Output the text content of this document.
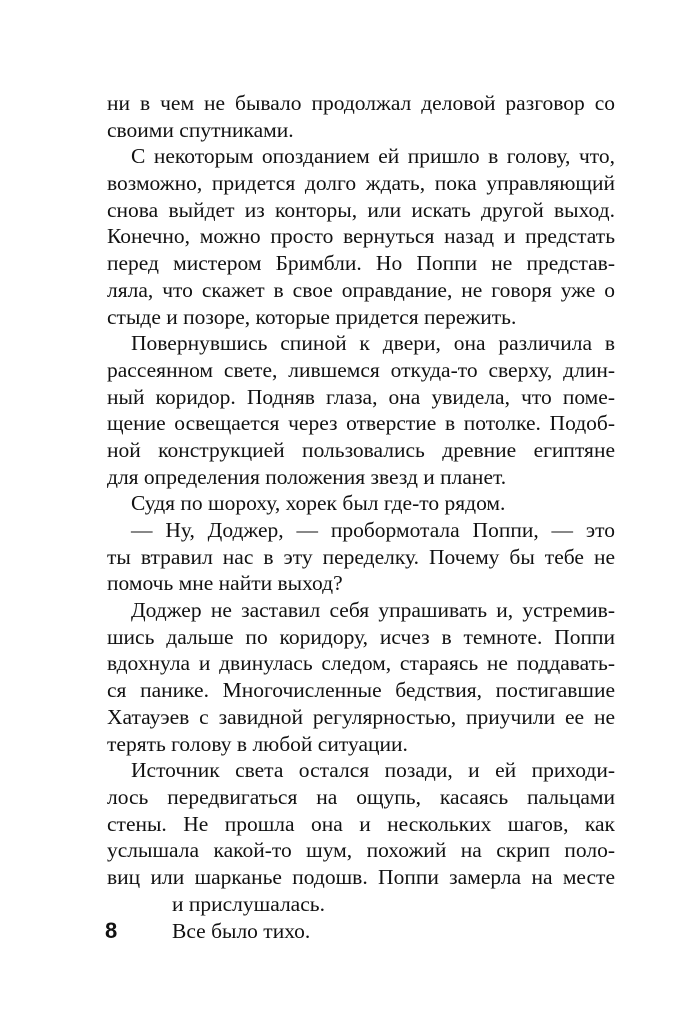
ни в чем не бывало продолжал деловой разговор со
своими спутниками.
С некоторым опозданием ей пришло в голову, что,
возможно, придется долго ждать, пока управляющий
снова выйдет из конторы, или искать другой выход.
Конечно, можно просто вернуться назад и предстать
перед мистером Бримбли. Но Поппи не представ-
ляла, что скажет в свое оправдание, не говоря уже о
стыде и позоре, которые придется пережить.
Повернувшись спиной к двери, она различила в
рассеянном свете, лившемся откуда-то сверху, длин-
ный коридор. Подняв глаза, она увидела, что поме-
щение освещается через отверстие в потолке. Подоб-
ной конструкцией пользовались древние египтяне
для определения положения звезд и планет.
Судя по шороху, хорек был где-то рядом.
— Ну, Доджер, — пробормотала Поппи, — это
ты втравил нас в эту переделку. Почему бы тебе не
помочь мне найти выход?
Доджер не заставил себя упрашивать и, устремив-
шись дальше по коридору, исчез в темноте. Поппи
вдохнула и двинулась следом, стараясь не поддавать-
ся панике. Многочисленные бедствия, постигавшие
Хатауэев с завидной регулярностью, приучили ее не
терять голову в любой ситуации.
Источник света остался позади, и ей приходи-
лось передвигаться на ощупь, касаясь пальцами
стены. Не прошла она и нескольких шагов, как
услышала какой-то шум, похожий на скрип поло-
виц или шарканье подошв. Поппи замерла на месте
и прислушалась.
8	Все было тихо.
